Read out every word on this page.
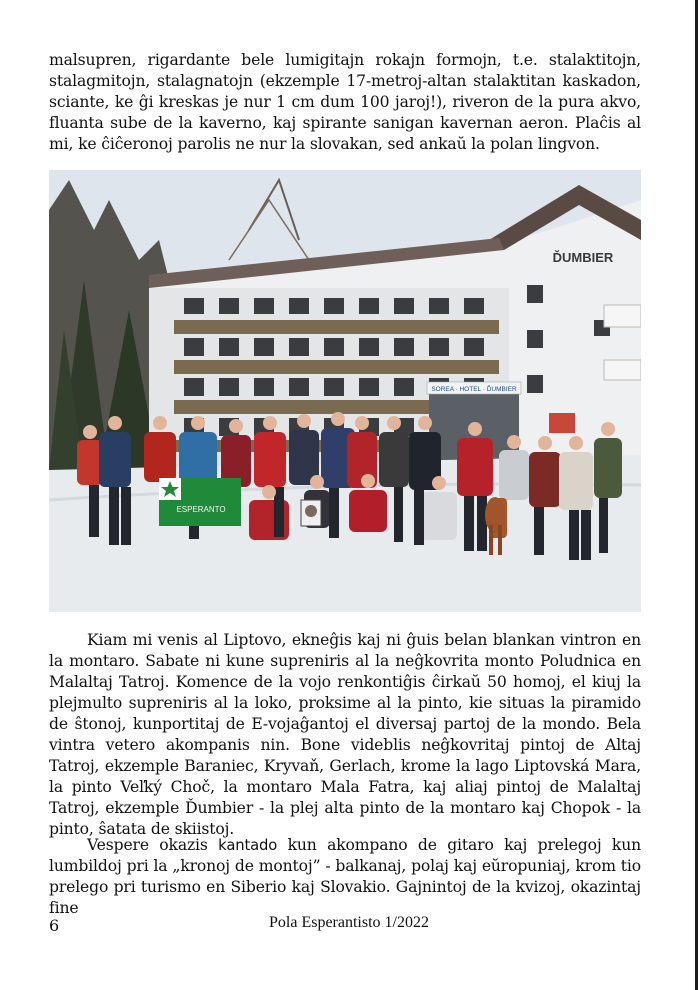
malsupren, rigardante bele lumigitajn rokajn formojn, t.e. stalaktitojn, stalagmitojn, stalagnatojn (ekzemple 17-metroj-altan stalaktitan kaskadon, sciante, ke ĝi kreskas je nur 1 cm dum 100 jaroj!), riveron de la pura akvo, fluanta sube de la kaverno, kaj spirante sanigan kavernan aeron. Plaĉis al mi, ke ĉiĉeronoj parolis ne nur la slovakan, sed ankaŭ la polan lingvon.

SOREA · HOTEL · ĎUMBIER
ĎUMBIER
ESPERANTO

Kiam mi venis al Liptovo, ekneĝis kaj ni ĝuis belan blankan vintron en la montaro. Sabate ni kune supreniris al la neĝkovrita monto Poludnica en Malaltaj Tatroj. Komence de la vojo renkontiĝis ĉirkaŭ 50 homoj, el kiuj la plejmulto supreniris al la loko, proksime al la pinto, kie situas la piramido de ŝtonoj, kunportitaj de E-vojaĝantoj el diversaj partoj de la mondo. Bela vintra vetero akompanis nin. Bone videblis neĝkovritaj pintoj de Altaj Tatroj, ekzemple Baraniec, Kryvaň, Gerlach, krome la lago Liptovská Mara, la pinto Veľký Choč, la montaro Mala Fatra, kaj aliaj pintoj de Malaltaj Tatroj, ekzemple Ďumbier - la plej alta pinto de la montaro kaj Chopok - la pinto, ŝatata de skiistoj.

Vespere okazis kantado kun akompano de gitaro kaj prelegoj kun lumbildoj pri la „kronoj de montoj” - balkanaj, polaj kaj eŭropuniaj, krom tio prelego pri turismo en Siberio kaj Slovakio. Gajnintoj de la kvizoj, okazintaj fine

6	Pola Esperantisto 1/2022
